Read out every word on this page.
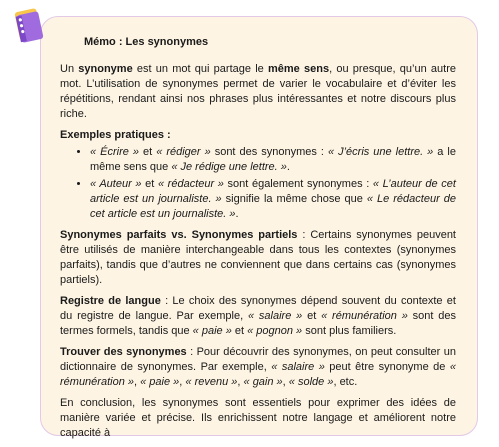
Mémo : Les synonymes

Un synonyme est un mot qui partage le même sens, ou presque, qu’un autre mot. L’utilisation de synonymes permet de varier le vocabulaire et d’éviter les répétitions, rendant ainsi nos phrases plus intéressantes et notre discours plus riche.

Exemples pratiques :
• « Écrire » et « rédiger » sont des synonymes : « J’écris une lettre. » a le même sens que « Je rédige une lettre. ».
• « Auteur » et « rédacteur » sont également synonymes : « L’auteur de cet article est un journaliste. » signifie la même chose que « Le rédacteur de cet article est un journaliste. ».

Synonymes parfaits vs. Synonymes partiels : Certains synonymes peuvent être utilisés de manière interchangeable dans tous les contextes (synonymes parfaits), tandis que d’autres ne conviennent que dans certains cas (synonymes partiels).

Registre de langue : Le choix des synonymes dépend souvent du contexte et du registre de langue. Par exemple, « salaire » et « rémunération » sont des termes formels, tandis que « paie » et « pognon » sont plus familiers.

Trouver des synonymes : Pour découvrir des synonymes, on peut consulter un dictionnaire de synonymes. Par exemple, « salaire » peut être synonyme de « rémunération », « paie », « revenu », « gain », « solde », etc.

En conclusion, les synonymes sont essentiels pour exprimer des idées de manière variée et précise. Ils enrichissent notre langage et améliorent notre capacité à
